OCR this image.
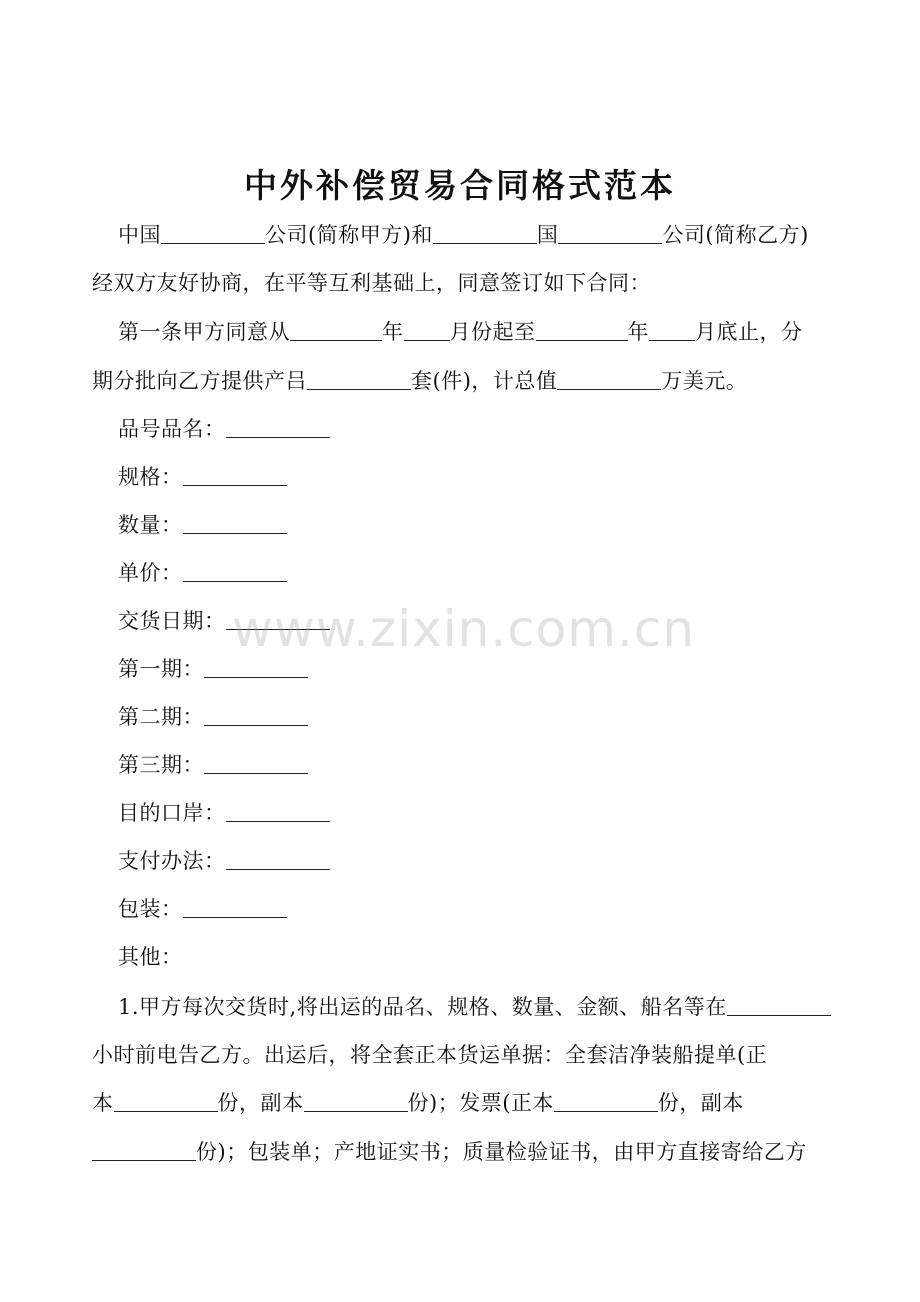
中外补偿贸易合同格式范本
中国	公司(简称甲方)和	国	公司(简称乙方)
经双方友好协商，在平等互利基础上，同意签订如下合同：
第一条甲方同意从	年 月份起至	年 月底止，分
期分批向乙方提供产吕	套(件)，计总值	万美元。
品号品名：
规格：
数量：
单价：
交货日期：
第一期：
第二期：
第三期：
目的口岸：
支付办法：
包装：
其他：
1.甲方每次交货时,将出运的品名、规格、数量、金额、船名等在
小时前电告乙方。出运后，将全套正本货运单据：全套洁净装船提单(正
本	份，副本	份)；发票(正本	份，副本
份)；包装单；产地证实书；质量检验证书，由甲方直接寄给乙方
www.zixin.com.cn
